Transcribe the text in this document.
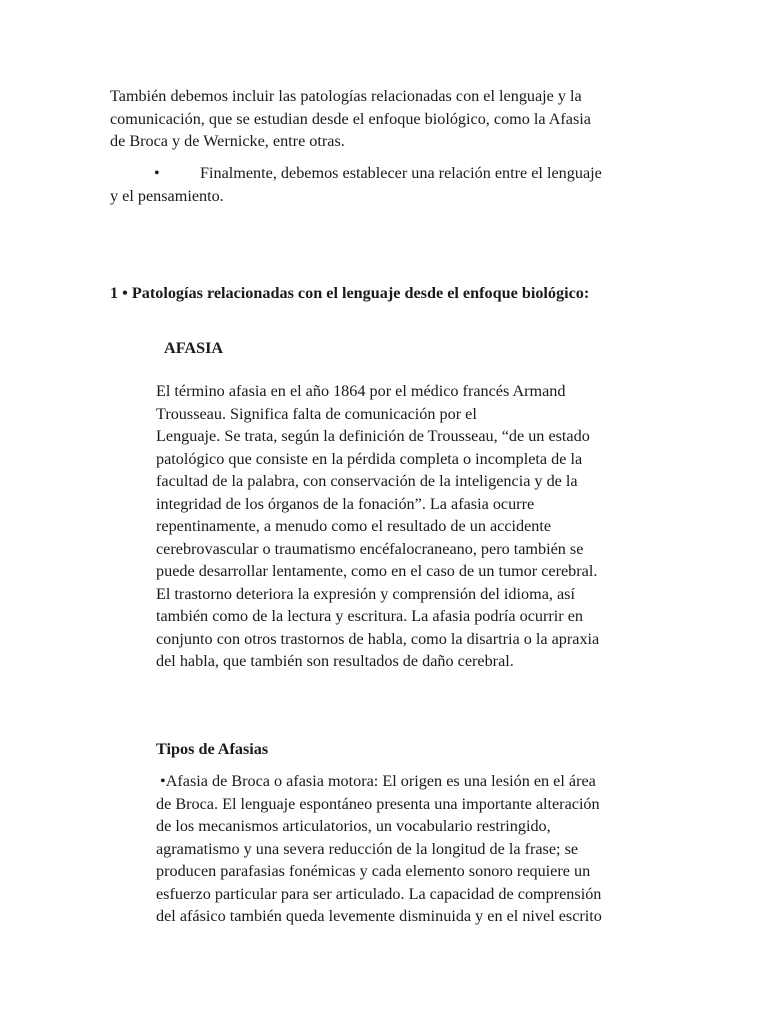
También debemos incluir las patologías relacionadas con el lenguaje y la
comunicación, que se estudian desde el enfoque biológico, como la Afasia
de Broca y de Wernicke, entre otras.

• Finalmente, debemos establecer una relación entre el lenguaje
y el pensamiento.

1 • Patologías relacionadas con el lenguaje desde el enfoque biológico:
AFASIA

El término afasia en el año 1864 por el médico francés Armand
Trousseau. Significa falta de comunicación por el
Lenguaje. Se trata, según la definición de Trousseau, “de un estado
patológico que consiste en la pérdida completa o incompleta de la
facultad de la palabra, con conservación de la inteligencia y de la
integridad de los órganos de la fonación”. La afasia ocurre
repentinamente, a menudo como el resultado de un accidente
cerebrovascular o traumatismo encéfalocraneano, pero también se
puede desarrollar lentamente, como en el caso de un tumor cerebral.
El trastorno deteriora la expresión y comprensión del idioma, así
también como de la lectura y escritura. La afasia podría ocurrir en
conjunto con otros trastornos de habla, como la disartria o la apraxia
del habla, que también son resultados de daño cerebral.

Tipos de Afasias

•Afasia de Broca o afasia motora: El origen es una lesión en el área
de Broca. El lenguaje espontáneo presenta una importante alteración
de los mecanismos articulatorios, un vocabulario restringido,
agramatismo y una severa reducción de la longitud de la frase; se
producen parafasias fonémicas y cada elemento sonoro requiere un
esfuerzo particular para ser articulado. La capacidad de comprensión
del afásico también queda levemente disminuida y en el nivel escrito
